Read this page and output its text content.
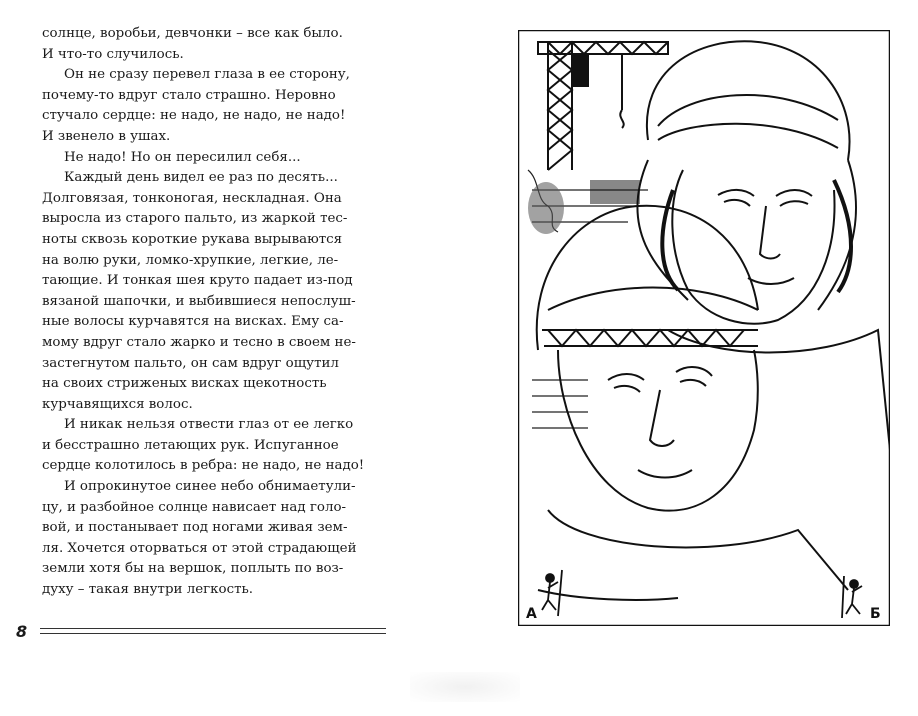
солнце, воробьи, девчонки – все как было.
И что-то случилось.

Он не сразу перевел глаза в ее сторону,
почему-то вдруг стало страшно. Неровно
стучало сердце: не надо, не надо, не надо!
И звенело в ушах.

Не надо! Но он пересилил себя...

Каждый день видел ее раз по десять...
Долговязая, тонконогая, нескладная. Она
выросла из старого пальто, из жаркой тес-
ноты сквозь короткие рукава вырываются
на волю руки, ломко-хрупкие, легкие, ле-
тающие. И тонкая шея круто падает из-под
вязаной шапочки, и выбившиеся непослуш-
ные волосы курчавятся на висках. Ему са-
мому вдруг стало жарко и тесно в своем не-
застегнутом пальто, он сам вдруг ощутил
на своих стриженых висках щекотность
курчавящихся волос.

И никак нельзя отвести глаз от ее легко
и бесстрашно летающих рук. Испуганное
сердце колотилось в ребра: не надо, не надо!

И опрокинутое синее небо обнимаетули-
цу, и разбойное солнце нависает над голо-
вой, и постанывает под ногами живая зем-
ля. Хочется оторваться от этой страдающей
земли хотя бы на вершок, поплыть по воз-
духу – такая внутри легкость.

8
А	Б
